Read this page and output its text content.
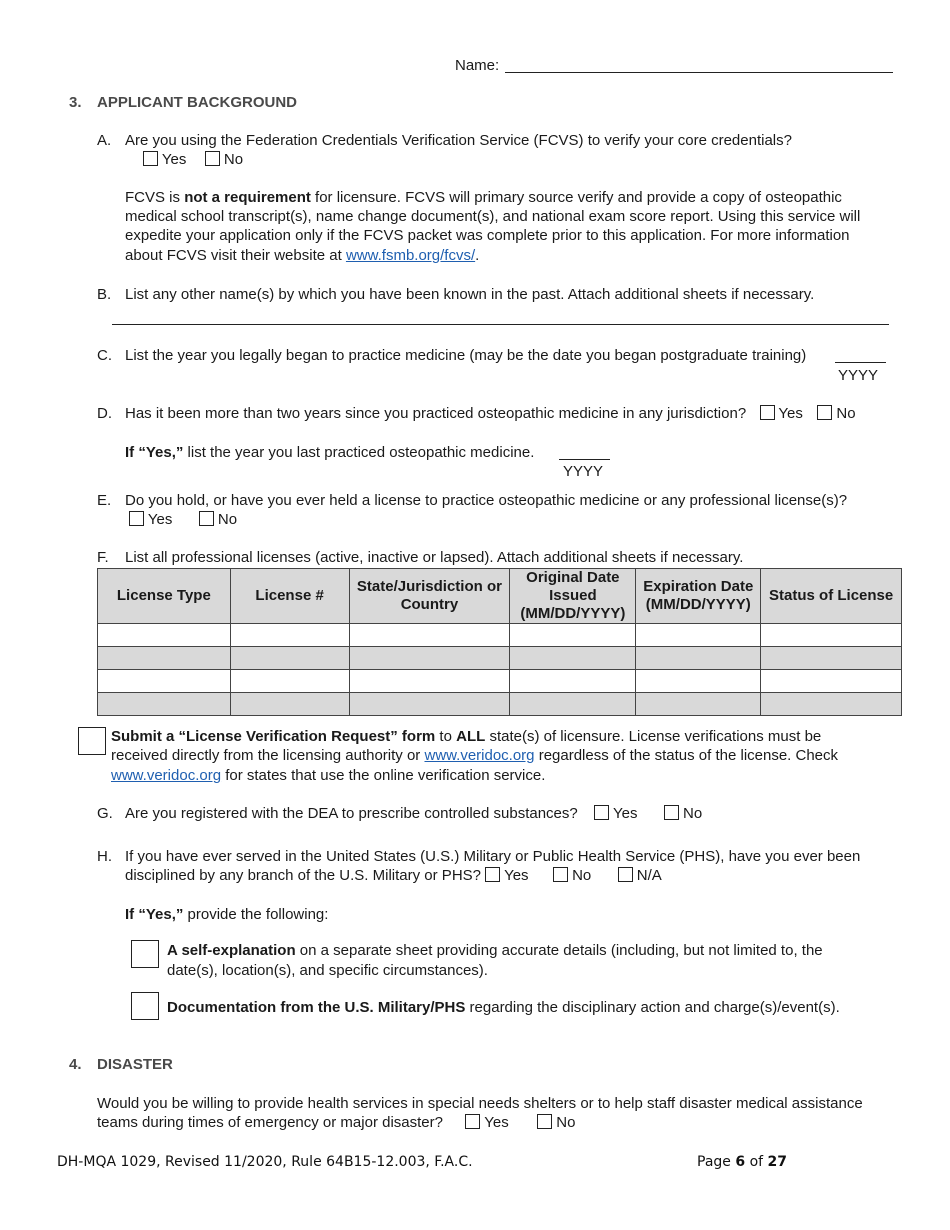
Name:
3. APPLICANT BACKGROUND
A. Are you using the Federation Credentials Verification Service (FCVS) to verify your core credentials?
Yes	No
FCVS is not a requirement for licensure. FCVS will primary source verify and provide a copy of osteopathic
medical school transcript(s), name change document(s), and national exam score report. Using this service will
expedite your application only if the FCVS packet was complete prior to this application. For more information
about FCVS visit their website at www.fsmb.org/fcvs/.
B. List any other name(s) by which you have been known in the past. Attach additional sheets if necessary.
C. List the year you legally began to practice medicine (may be the date you began postgraduate training)
YYYY
D. Has it been more than two years since you practiced osteopathic medicine in any jurisdiction? Yes No
If “Yes,” list the year you last practiced osteopathic medicine.
YYYY
E. Do you hold, or have you ever held a license to practice osteopathic medicine or any professional license(s)?
Yes	No
F. List all professional licenses (active, inactive or lapsed). Attach additional sheets if necessary.
License Type	License #	State/Jurisdiction or Country	Original Date Issued (MM/DD/YYYY)	Expiration Date (MM/DD/YYYY)	Status of License

Submit a “License Verification Request” form to ALL state(s) of licensure. License verifications must be
received directly from the licensing authority or www.veridoc.org regardless of the status of the license. Check
www.veridoc.org for states that use the online verification service.
G. Are you registered with the DEA to prescribe controlled substances? Yes	No
H. If you have ever served in the United States (U.S.) Military or Public Health Service (PHS), have you ever been
disciplined by any branch of the U.S. Military or PHS? Yes	No	N/A
If “Yes,” provide the following:
A self-explanation on a separate sheet providing accurate details (including, but not limited to, the
date(s), location(s), and specific circumstances).
Documentation from the U.S. Military/PHS regarding the disciplinary action and charge(s)/event(s).
4. DISASTER
Would you be willing to provide health services in special needs shelters or to help staff disaster medical assistance
teams during times of emergency or major disaster?	Yes	No
DH-MQA 1029, Revised 11/2020, Rule 64B15-12.003, F.A.C.	Page 6 of 27
